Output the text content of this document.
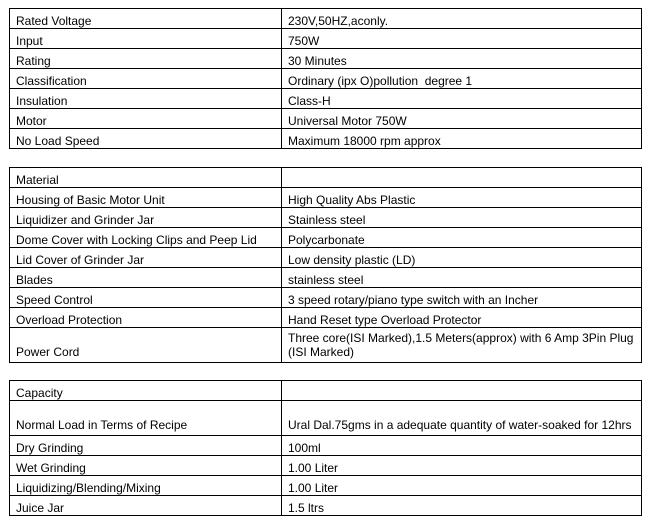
Rated Voltage	230V,50HZ,aconly.
Input	750W
Rating	30 Minutes
Classification	Ordinary (ipx O)pollution  degree 1
Insulation	Class-H
Motor	Universal Motor 750W
No Load Speed	Maximum 18000 rpm approx
Material	
Housing of Basic Motor Unit	High Quality Abs Plastic
Liquidizer and Grinder Jar	Stainless steel
Dome Cover with Locking Clips and Peep Lid	Polycarbonate
Lid Cover of Grinder Jar	Low density plastic (LD)
Blades	stainless steel
Speed Control	3 speed rotary/piano type switch with an Incher
Overload Protection	Hand Reset type Overload Protector
Power Cord	Three core(ISI Marked),1.5 Meters(approx) with 6 Amp 3Pin Plug (ISI Marked)
Capacity	
Normal Load in Terms of Recipe	Ural Dal.75gms in a adequate quantity of water-soaked for 12hrs
Dry Grinding	100ml
Wet Grinding	1.00 Liter
Liquidizing/Blending/Mixing	1.00 Liter
Juice Jar	1.5 ltrs
